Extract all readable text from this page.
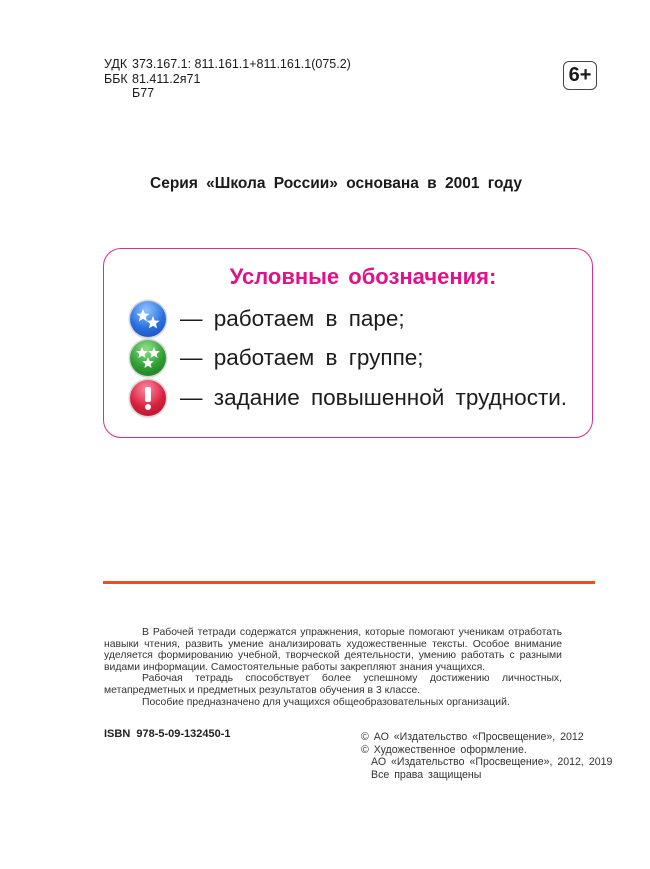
УДК 373.167.1: 811.161.1+811.161.1(075.2)
ББК 81.411.2я71
Б77
6+
Серия «Школа России» основана в 2001 году
Условные обозначения:
— работаем в паре;
— работаем в группе;
— задание повышенной трудности.

В Рабочей тетради содержатся упражнения, которые помогают ученикам отработать навыки чтения, развить умение анализировать художественные тексты. Особое внимание уделяется формированию учебной, творческой деятельности, умению работать с разными видами информации. Самостоятельные работы закрепляют знания учащихся.

Рабочая тетрадь способствует более успешному достижению личностных, метапредметных и предметных результатов обучения в 3 классе.

Пособие предназначено для учащихся общеобразовательных организаций.

ISBN 978-5-09-132450-1	© АО «Издательство «Просвещение», 2012
© Художественное оформление.
АО «Издательство «Просвещение», 2012, 2019
Все права защищены
